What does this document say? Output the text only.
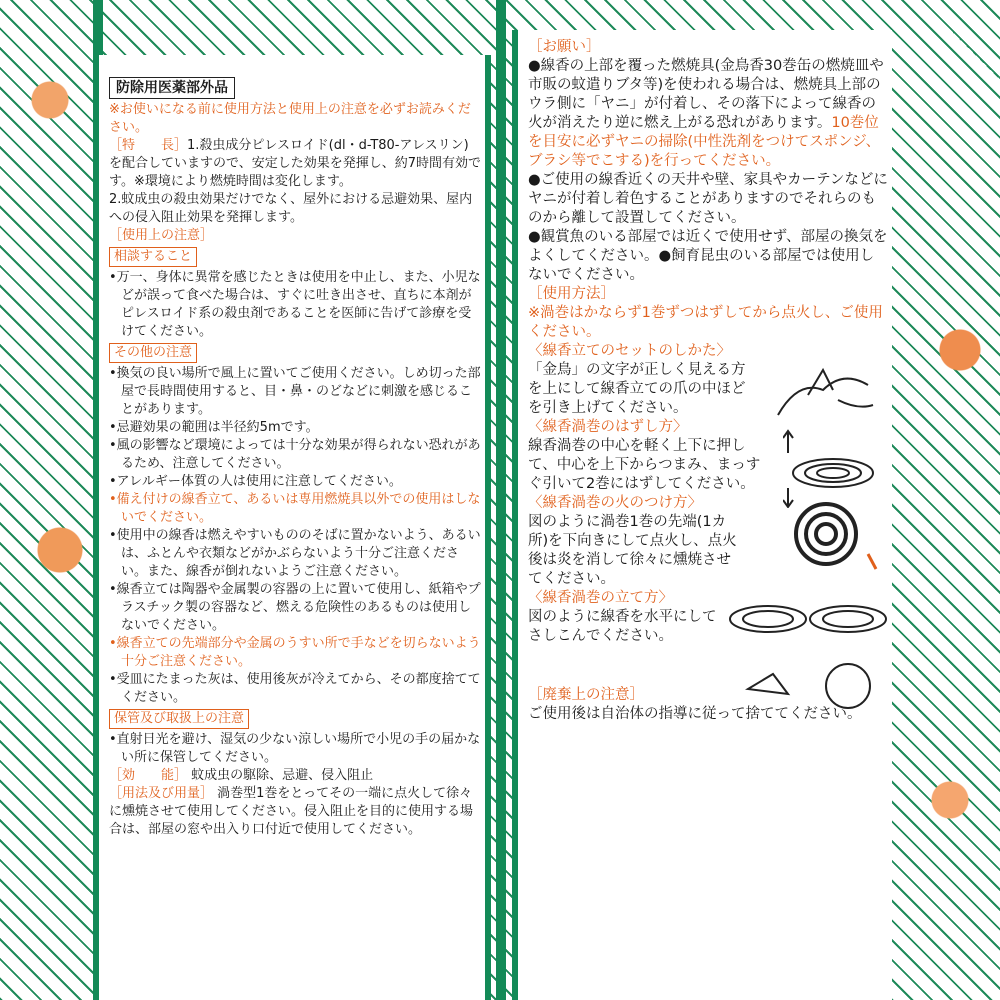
防除用医薬部外品

※お使いになる前に使用方法と使用上の注意を必ずお読みください。

［特　　長］1.殺虫成分ピレスロイド(dl・d-T80-アレスリン)を配合していますので、安定した効果を発揮し、約7時間有効です。※環境により燃焼時間は変化します。

2.蚊成虫の殺虫効果だけでなく、屋外における忌避効果、屋内への侵入阻止効果を発揮します。

［使用上の注意］

相談すること

•万一、身体に異常を感じたときは使用を中止し、また、小児などが誤って食べた場合は、すぐに吐き出させ、直ちに本剤がピレスロイド系の殺虫剤であることを医師に告げて診療を受けてください。

その他の注意

•換気の良い場所で風上に置いてご使用ください。しめ切った部屋で長時間使用すると、目・鼻・のどなどに刺激を感じることがあります。

•忌避効果の範囲は半径約5mです。

•風の影響など環境によっては十分な効果が得られない恐れがあるため、注意してください。

•アレルギー体質の人は使用に注意してください。

•備え付けの線香立て、あるいは専用燃焼具以外での使用はしないでください。

•使用中の線香は燃えやすいもののそばに置かないよう、あるいは、ふとんや衣類などがかぶらないよう十分ご注意ください。また、線香が倒れないようご注意ください。

•線香立ては陶器や金属製の容器の上に置いて使用し、紙箱やプラスチック製の容器など、燃える危険性のあるものは使用しないでください。

•線香立ての先端部分や金属のうすい所で手などを切らないよう十分ご注意ください。

•受皿にたまった灰は、使用後灰が冷えてから、その都度捨ててください。

保管及び取扱上の注意

•直射日光を避け、湿気の少ない涼しい場所で小児の手の届かない所に保管してください。

［効　　能］ 蚊成虫の駆除、忌避、侵入阻止

［用法及び用量］ 渦巻型1巻をとってその一端に点火して徐々に燻焼させて使用してください。侵入阻止を目的に使用する場合は、部屋の窓や出入り口付近で使用してください。

［お願い］

●線香の上部を覆った燃焼具(金鳥香30巻缶の燃焼皿や市販の蚊遣りブタ等)を使われる場合は、燃焼具上部のウラ側に「ヤニ」が付着し、その落下によって線香の火が消えたり逆に燃え上がる恐れがあります。10巻位を目安に必ずヤニの掃除(中性洗剤をつけてスポンジ、ブラシ等でこする)を行ってください。

●ご使用の線香近くの天井や壁、家具やカーテンなどにヤニが付着し着色することがありますのでそれらのものから離して設置してください。

●観賞魚のいる部屋では近くで使用せず、部屋の換気をよくしてください。●飼育昆虫のいる部屋では使用しないでください。

［使用方法］

※渦巻はかならず1巻ずつはずしてから点火し、ご使用ください。

〈線香立てのセットのしかた〉

「金鳥」の文字が正しく見える方を上にして線香立ての爪の中ほどを引き上げてください。

〈線香渦巻のはずし方〉

線香渦巻の中心を軽く上下に押して、中心を上下からつまみ、まっすぐ引いて2巻にはずしてください。

〈線香渦巻の火のつけ方〉

図のように渦巻1巻の先端(1カ所)を下向きにして点火し、点火後は炎を消して徐々に燻焼させてください。

〈線香渦巻の立て方〉

図のように線香を水平にしてさしこんでください。

［廃棄上の注意］

ご使用後は自治体の指導に従って捨ててください。
